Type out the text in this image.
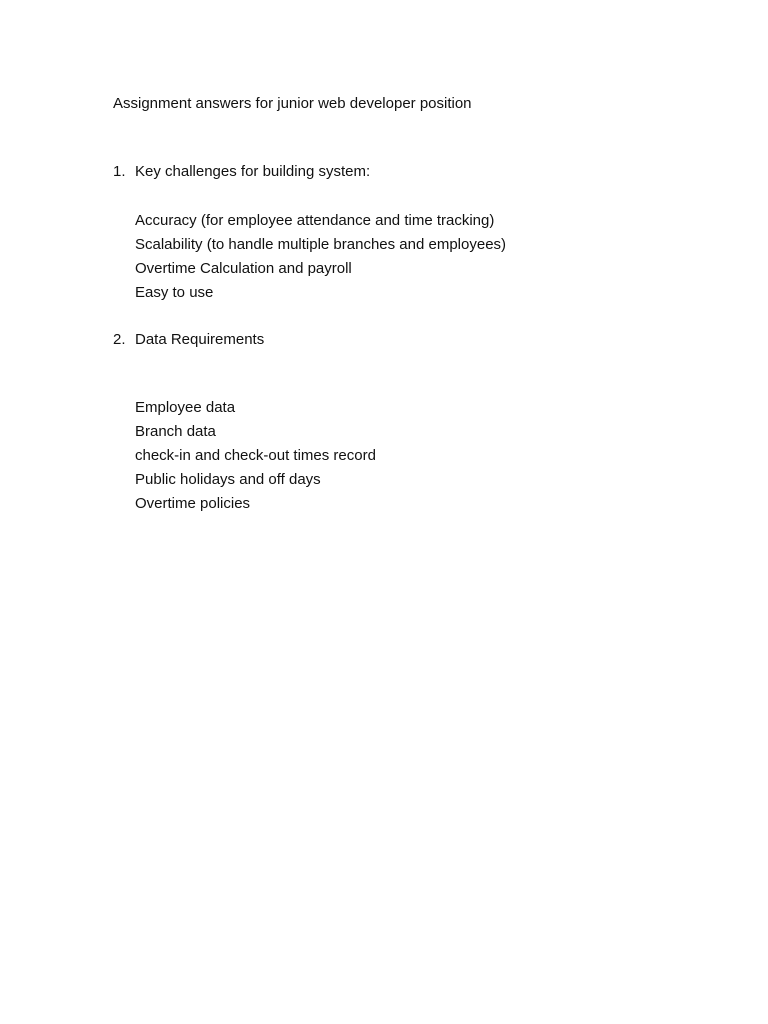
Assignment answers for junior web developer position
1. Key challenges for building system:
Accuracy (for employee attendance and time tracking)
Scalability (to handle multiple branches and employees)
Overtime Calculation and payroll
Easy to use
2. Data Requirements
Employee data
Branch data
check-in and check-out times record
Public holidays and off days
Overtime policies
